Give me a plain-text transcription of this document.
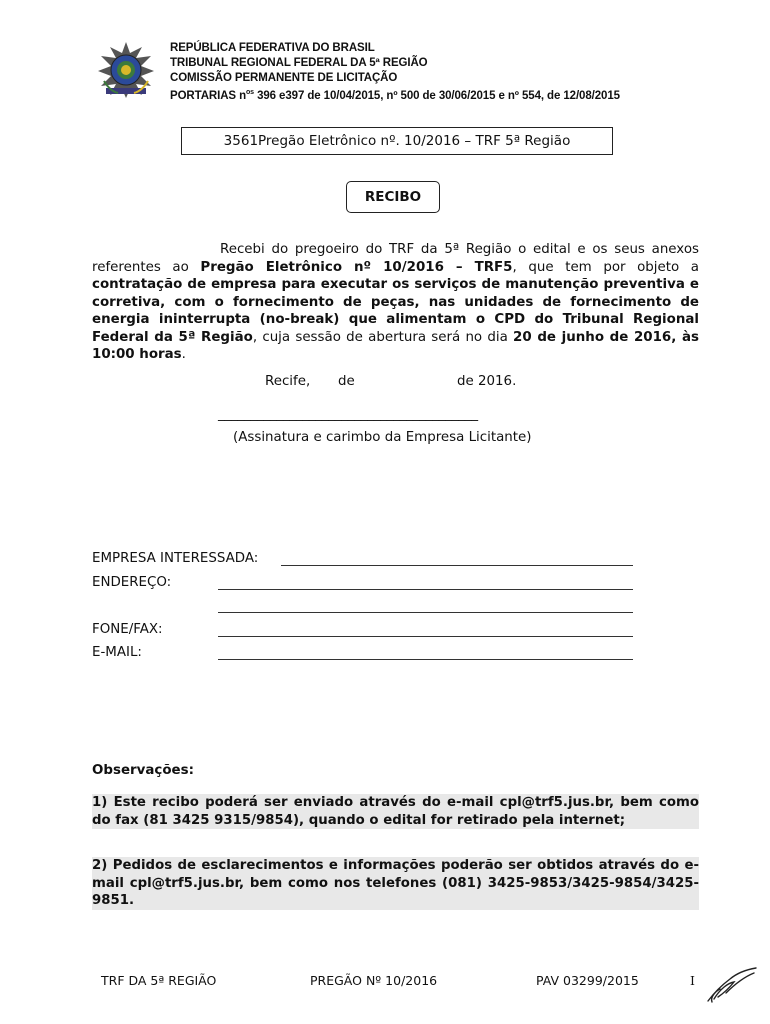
REPÚBLICA FEDERATIVA DO BRASIL
TRIBUNAL REGIONAL FEDERAL DA 5ª REGIÃO
COMISSÃO PERMANENTE DE LICITAÇÃO
PORTARIAS $n^{os}$ 396 e397 de 10/04/2015, nº 500 de 30/06/2015 e nº 554, de 12/08/2015
3561Pregão Eletrônico nº. 10/2016 – TRF 5ª Região
RECIBO
Recebi do pregoeiro do TRF da 5ª Região o edital e os seus anexos referentes ao Pregão Eletrônico nº 10/2016 – TRF5, que tem por objeto a contratação de empresa para executar os serviços de manutenção preventiva e corretiva, com o fornecimento de peças, nas unidades de fornecimento de energia ininterrupta (no-break) que alimentam o CPD do Tribunal Regional Federal da 5ª Região, cuja sessão de abertura será no dia 20 de junho de 2016, às 10:00 horas.
Recife, de	de 2016.
________________________________________
(Assinatura e carimbo da Empresa Licitante)
EMPRESA INTERESSADA:
ENDEREÇO:
FONE/FAX:
E-MAIL:
Observações:
1) Este recibo poderá ser enviado através do e-mail cpl@trf5.jus.br, bem como do fax (81 3425 9315/9854), quando o edital for retirado pela internet;
2) Pedidos de esclarecimentos e informações poderão ser obtidos através do e-mail cpl@trf5.jus.br, bem como nos telefones (081) 3425-9853/3425-9854/3425-9851.
TRF DA 5ª REGIÃO	PREGÃO Nº 10/2016	PAV 03299/2015	I
